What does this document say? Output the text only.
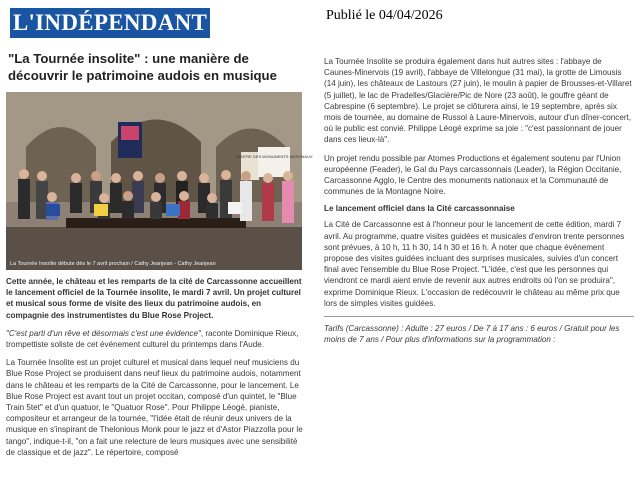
L'INDÉPENDANT	Publié le 04/04/2026
"La Tournée insolite" : une manière de découvrir le patrimoine audois en musique
CENTRE DES MONUMENTS NATIONAUX
La Tournée Insolite débute dès le 7 avril prochain / Cathy Jeanjean - Cathy Jeanjean

Cette année, le château et les remparts de la cité de Carcassonne accueillent le lancement officiel de la Tournée insolite, le mardi 7 avril. Un projet culturel et musical sous forme de visite des lieux du patrimoine audois, en compagnie des instrumentistes du Blue Rose Project.

"C'est parti d'un rêve et désormais c'est une évidence", raconte Dominique Rieux, trompettiste soliste de cet événement culturel du printemps dans l'Aude.

La Tournée Insolite est un projet culturel et musical dans lequel neuf musiciens du Blue Rose Project se produisent dans neuf lieux du patrimoine audois, notamment dans le château et les remparts de la Cité de Carcassonne, pour le lancement. Le Blue Rose Project est avant tout un projet occitan, composé d'un quintet, le "Blue Train 5tet" et d'un quatuor, le "Quatuor Rose". Pour Philippe Léogé, pianiste, compositeur et arrangeur de la tournée, "l'idée était de réunir deux univers de la musique en s'inspirant de Thelonious Monk pour le jazz et d'Astor Piazzolla pour le tango", indique-t-il, "on a fait une relecture de leurs musiques avec une sensibilité de classique et de jazz". Le répertoire, composé

La Tournée Insolite se produira également dans huit autres sites : l'abbaye de Caunes-Minervois (19 avril), l'abbaye de Villelongue (31 mai), la grotte de Limousis (14 juin), les châteaux de Lastours (27 juin), le moulin à papier de Brousses-et-Villaret (5 juillet), le lac de Pradelles/Glacière/Pic de Nore (23 août), le gouffre géant de Cabrespine (6 septembre). Le projet se clôturera ainsi, le 19 septembre, après six mois de tournée, au domaine de Russol à Laure-Minervois, autour d'un dîner-concert, où le public est convié. Philippe Léogé exprime sa joie : "c'est passionnant de jouer dans ces lieux-là".

Un projet rendu possible par Atomes Productions et également soutenu par l'Union européenne (Feader), le Gal du Pays carcassonnais (Leader), la Région Occitanie, Carcassonne Agglo, le Centre des monuments nationaux et la Communauté de communes de la Montagne Noire.

Le lancement officiel dans la Cité carcassonnaise

La Cité de Carcassonne est à l'honneur pour le lancement de cette édition, mardi 7 avril. Au programme, quatre visites guidées et musicales d'environ trente personnes sont prévues, à 10 h, 11 h 30, 14 h 30 et 16 h. À noter que chaque événement propose des visites guidées incluant des surprises musicales, suivies d'un concert final avec l'ensemble du Blue Rose Project. "L'idée, c'est que les personnes qui viendront ce mardi aient envie de revenir aux autres endroits où l'on se produira", exprime Dominique Rieux. L'occasion de redécouvrir le château au même prix que lors de simples visites guidées.

Tarifs (Carcassonne) : Adulte : 27 euros / De 7 à 17 ans : 6 euros / Gratuit pour les moins de 7 ans / Pour plus d'informations sur la programmation :
